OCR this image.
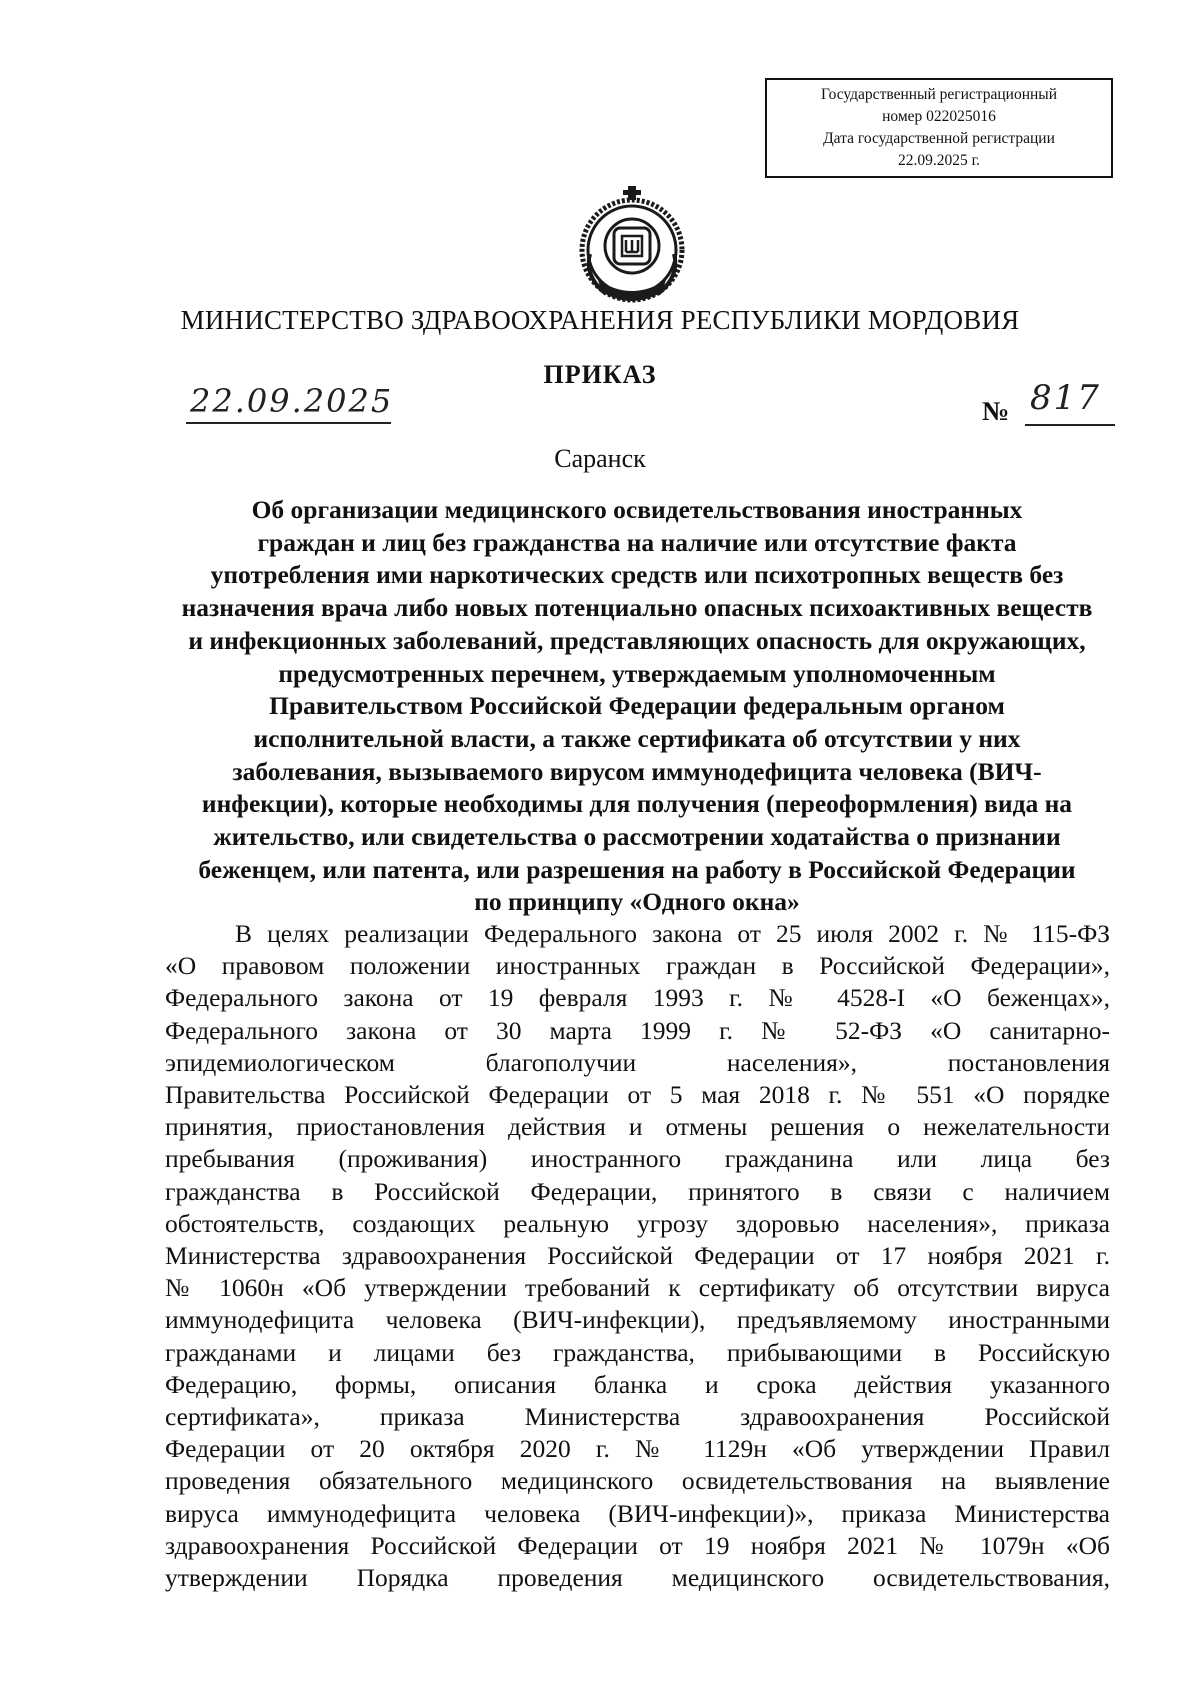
Государственный регистрационный
номер 022025016
Дата государственной регистрации
22.09.2025 г.
МИНИСТЕРСТВО ЗДРАВООХРАНЕНИЯ РЕСПУБЛИКИ МОРДОВИЯ
ПРИКАЗ
22.09.2025	№ 817
Саранск
Об организации медицинского освидетельствования иностранных
граждан и лиц без гражданства на наличие или отсутствие факта
употребления ими наркотических средств или психотропных веществ без
назначения врача либо новых потенциально опасных психоактивных веществ
и инфекционных заболеваний, представляющих опасность для окружающих,
предусмотренных перечнем, утверждаемым уполномоченным
Правительством Российской Федерации федеральным органом
исполнительной власти, а также сертификата об отсутствии у них
заболевания, вызываемого вирусом иммунодефицита человека (ВИЧ-
инфекции), которые необходимы для получения (переоформления) вида на
жительство, или свидетельства о рассмотрении ходатайства о признании
беженцем, или патента, или разрешения на работу в Российской Федерации
по принципу «Одного окна»
В целях реализации Федерального закона от 25 июля 2002 г. № 115-ФЗ
«О правовом положении иностранных граждан в Российской Федерации»,
Федерального закона от 19 февраля 1993 г. № 4528-I «О беженцах»,
Федерального закона от 30 марта 1999 г. № 52-ФЗ «О санитарно-
эпидемиологическом благополучии населения», постановления
Правительства Российской Федерации от 5 мая 2018 г. № 551 «О порядке
принятия, приостановления действия и отмены решения о нежелательности
пребывания (проживания) иностранного гражданина или лица без
гражданства в Российской Федерации, принятого в связи с наличием
обстоятельств, создающих реальную угрозу здоровью населения», приказа
Министерства здравоохранения Российской Федерации от 17 ноября 2021 г.
№ 1060н «Об утверждении требований к сертификату об отсутствии вируса
иммунодефицита человека (ВИЧ-инфекции), предъявляемому иностранными
гражданами и лицами без гражданства, прибывающими в Российскую
Федерацию, формы, описания бланка и срока действия указанного
сертификата», приказа Министерства здравоохранения Российской
Федерации от 20 октября 2020 г. № 1129н «Об утверждении Правил
проведения обязательного медицинского освидетельствования на выявление
вируса иммунодефицита человека (ВИЧ-инфекции)», приказа Министерства
здравоохранения Российской Федерации от 19 ноября 2021 № 1079н «Об
утверждении Порядка проведения медицинского освидетельствования,
